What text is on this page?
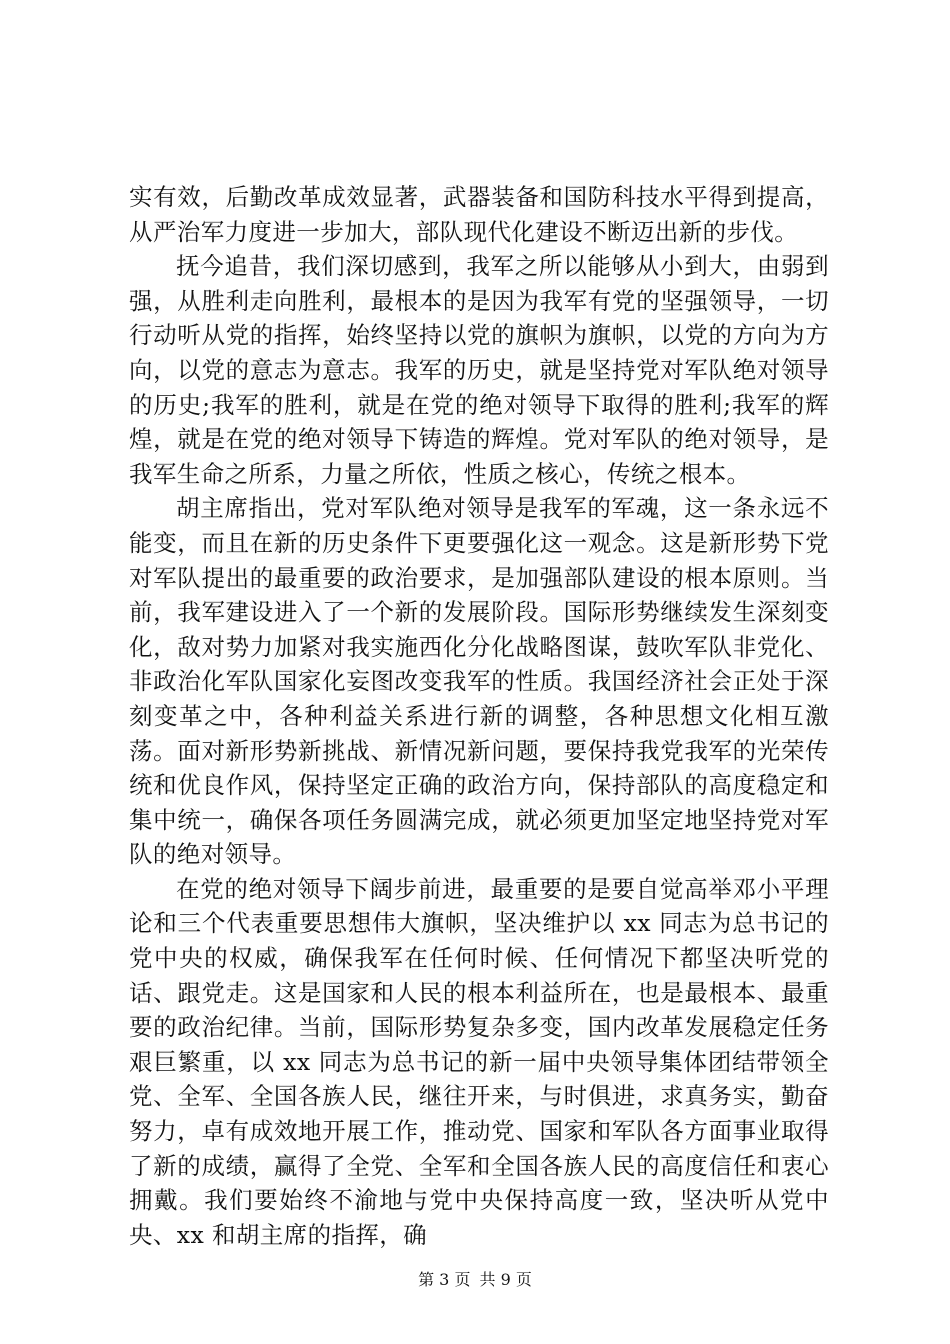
实有效，后勤改革成效显著，武器装备和国防科技水平得到提高，从严治军力度进一步加大，部队现代化建设不断迈出新的步伐。

抚今追昔，我们深切感到，我军之所以能够从小到大，由弱到强，从胜利走向胜利，最根本的是因为我军有党的坚强领导，一切行动听从党的指挥，始终坚持以党的旗帜为旗帜，以党的方向为方向，以党的意志为意志。我军的历史，就是坚持党对军队绝对领导的历史;我军的胜利，就是在党的绝对领导下取得的胜利;我军的辉煌，就是在党的绝对领导下铸造的辉煌。党对军队的绝对领导，是我军生命之所系，力量之所依，性质之核心，传统之根本。

胡主席指出，党对军队绝对领导是我军的军魂，这一条永远不能变，而且在新的历史条件下更要强化这一观念。这是新形势下党对军队提出的最重要的政治要求，是加强部队建设的根本原则。当前，我军建设进入了一个新的发展阶段。国际形势继续发生深刻变化，敌对势力加紧对我实施西化分化战略图谋，鼓吹军队非党化、非政治化军队国家化妄图改变我军的性质。我国经济社会正处于深刻变革之中，各种利益关系进行新的调整，各种思想文化相互激荡。面对新形势新挑战、新情况新问题，要保持我党我军的光荣传统和优良作风，保持坚定正确的政治方向，保持部队的高度稳定和集中统一，确保各项任务圆满完成，就必须更加坚定地坚持党对军队的绝对领导。

在党的绝对领导下阔步前进，最重要的是要自觉高举邓小平理论和三个代表重要思想伟大旗帜，坚决维护以 xx 同志为总书记的党中央的权威，确保我军在任何时候、任何情况下都坚决听党的话、跟党走。这是国家和人民的根本利益所在，也是最根本、最重要的政治纪律。当前，国际形势复杂多变，国内改革发展稳定任务艰巨繁重，以 xx 同志为总书记的新一届中央领导集体团结带领全党、全军、全国各族人民，继往开来，与时俱进，求真务实，勤奋努力，卓有成效地开展工作，推动党、国家和军队各方面事业取得了新的成绩，赢得了全党、全军和全国各族人民的高度信任和衷心拥戴。我们要始终不渝地与党中央保持高度一致，坚决听从党中央、xx 和胡主席的指挥，确

第 3 页 共 9 页
